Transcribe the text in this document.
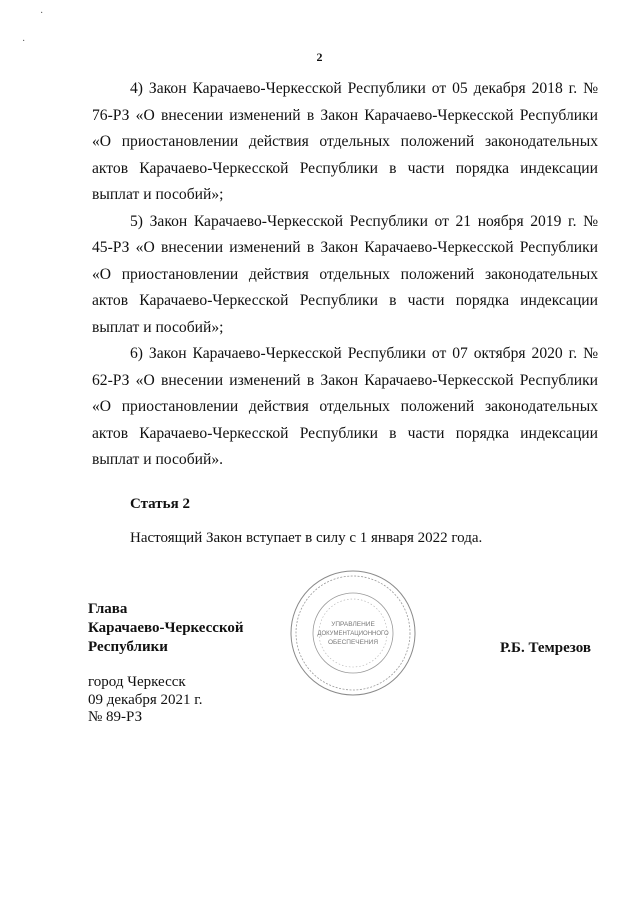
2

4) Закон Карачаево-Черкесской Республики от 05 декабря 2018 г. № 76-РЗ «О внесении изменений в Закон Карачаево-Черкесской Республики «О приостановлении действия отдельных положений законодательных актов Карачаево-Черкесской Республики в части порядка индексации выплат и пособий»;

5) Закон Карачаево-Черкесской Республики от 21 ноября 2019 г. № 45-РЗ «О внесении изменений в Закон Карачаево-Черкесской Республики «О приостановлении действия отдельных положений законодательных актов Карачаево-Черкесской Республики в части порядка индексации выплат и пособий»;

6) Закон Карачаево-Черкесской Республики от 07 октября 2020 г. № 62-РЗ «О внесении изменений в Закон Карачаево-Черкесской Республики «О приостановлении действия отдельных положений законодательных актов Карачаево-Черкесской Республики в части порядка индексации выплат и пособий».

Статья 2
Настоящий Закон вступает в силу с 1 января 2022 года.
Глава
Карачаево-Черкесской
Республики
УПРАВЛЕНИЕ
ДОКУМЕНТАЦИОННОГО
ОБЕСПЕЧЕНИЯ	Р.Б. Темрезов
город Черкесск
09 декабря 2021 г.
№ 89-РЗ
·
·
